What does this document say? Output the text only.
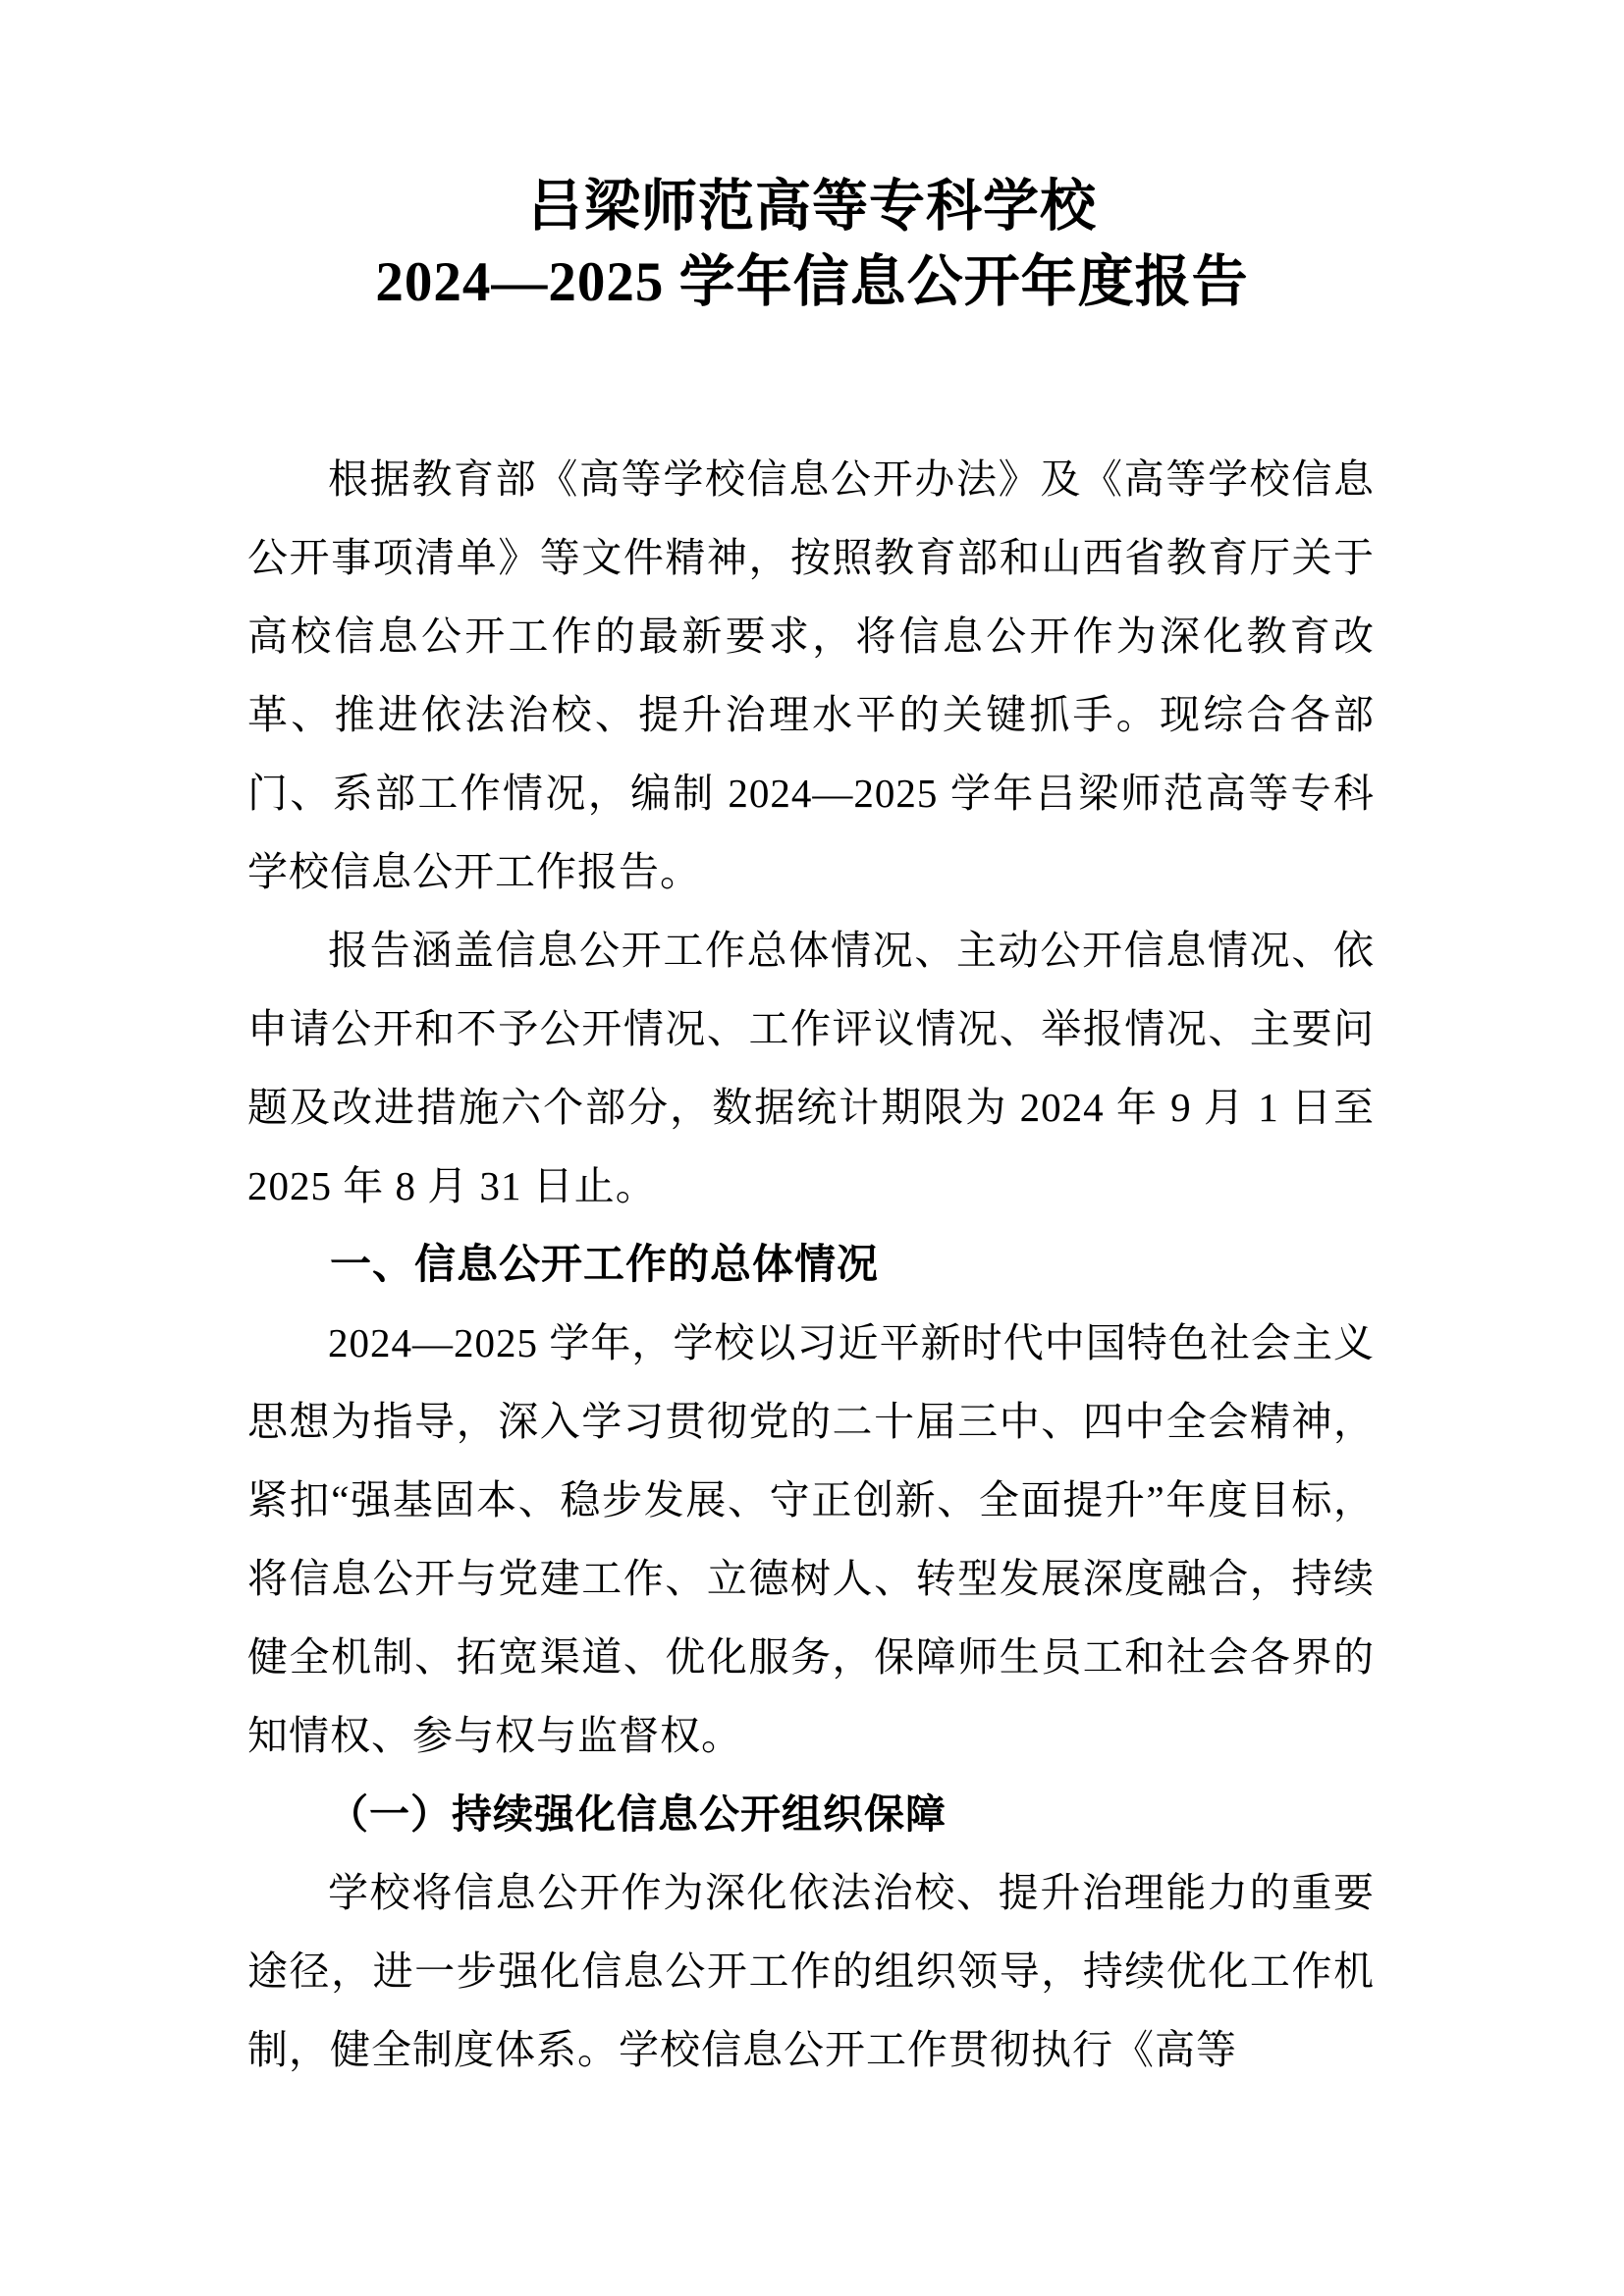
吕梁师范高等专科学校
2024—2025 学年信息公开年度报告

根据教育部《高等学校信息公开办法》及《高等学校信息公开事项清单》等文件精神，按照教育部和山西省教育厅关于高校信息公开工作的最新要求，将信息公开作为深化教育改革、推进依法治校、提升治理水平的关键抓手。现综合各部门、系部工作情况，编制 2024—2025 学年吕梁师范高等专科学校信息公开工作报告。

报告涵盖信息公开工作总体情况、主动公开信息情况、依申请公开和不予公开情况、工作评议情况、举报情况、主要问题及改进措施六个部分，数据统计期限为 2024 年 9 月 1 日至 2025 年 8 月 31 日止。

一、信息公开工作的总体情况

2024—2025 学年，学校以习近平新时代中国特色社会主义思想为指导，深入学习贯彻党的二十届三中、四中全会精神，紧扣“强基固本、稳步发展、守正创新、全面提升”年度目标，将信息公开与党建工作、立德树人、转型发展深度融合，持续健全机制、拓宽渠道、优化服务，保障师生员工和社会各界的知情权、参与权与监督权。

（一）持续强化信息公开组织保障

学校将信息公开作为深化依法治校、提升治理能力的重要途径，进一步强化信息公开工作的组织领导，持续优化工作机制，健全制度体系。学校信息公开工作贯彻执行《高等
